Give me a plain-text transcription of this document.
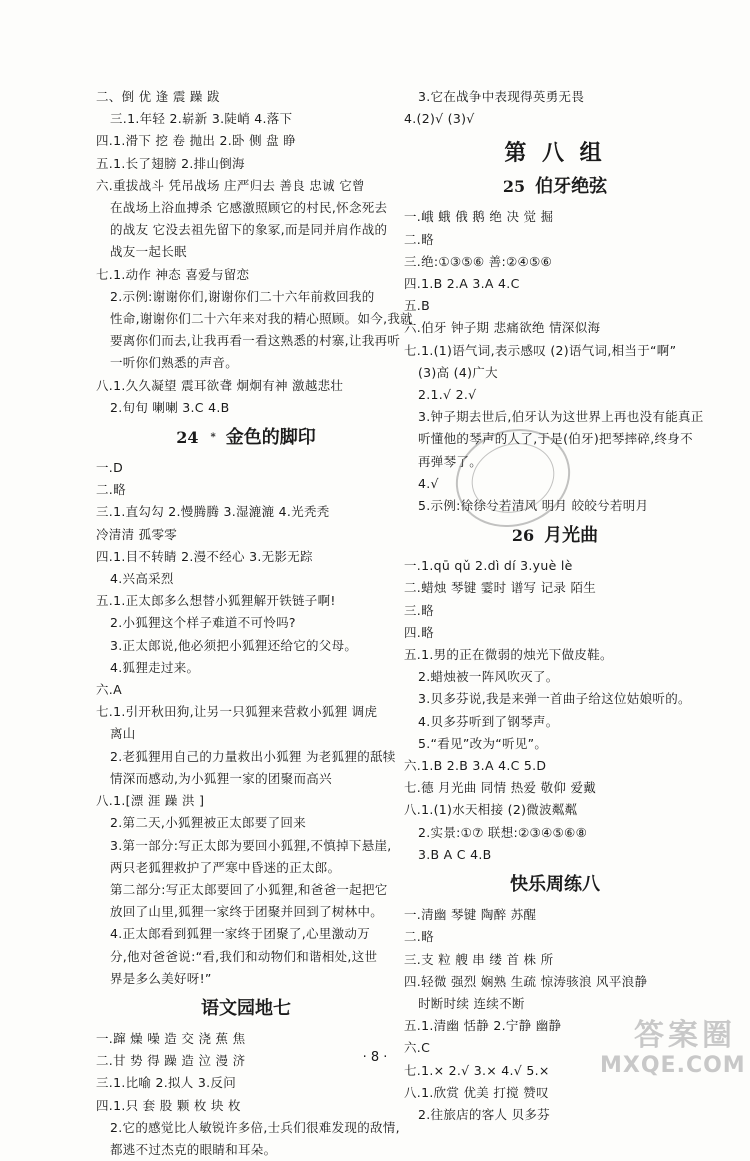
二、倒 优 逢 震 躁 跋
三.1.年轻 2.崭新 3.陡峭 4.落下
四.1.滑下 挖 卷 抛出 2.卧 侧 盘 睁
五.1.长了翅膀 2.排山倒海
六.重拔战斗 凭吊战场 庄严归去 善良 忠诚 它曾
在战场上浴血搏杀 它感激照顾它的村民,怀念死去
的战友 它没去祖先留下的象冢,而是同并肩作战的
战友一起长眠
七.1.动作 神态 喜爱与留恋
2.示例:谢谢你们,谢谢你们二十六年前救回我的
性命,谢谢你们二十六年来对我的精心照顾。如今,我就
要离你们而去,让我再看一看这熟悉的村寨,让我再听
一听你们熟悉的声音。
八.1.久久凝望 震耳欲聋 炯炯有神 激越悲壮
2.旬旬 喇喇 3.C 4.B
24 * 金色的脚印
一.D
二.略
三.1.直勾勾 2.慢腾腾 3.湿漉漉 4.光秃秃
冷清清 孤零零
四.1.目不转睛 2.漫不经心 3.无影无踪
4.兴高采烈
五.1.正太郎多么想替小狐狸解开铁链子啊!
2.小狐狸这个样子难道不可怜吗?
3.正太郎说,他必须把小狐狸还给它的父母。
4.狐狸走过来。
六.A
七.1.引开秋田狗,让另一只狐狸来营救小狐狸 调虎
离山
2.老狐狸用自己的力量救出小狐狸 为老狐狸的舐犊
情深而感动,为小狐狸一家的团聚而高兴
八.1.[漂 涯 躁 洪 ]
2.第二天,小狐狸被正太郎要了回来
3.第一部分:写正太郎为要回小狐狸,不慎掉下悬崖,
两只老狐狸救护了严寒中昏迷的正太郎。
第二部分:写正太郎要回了小狐狸,和爸爸一起把它
放回了山里,狐狸一家终于团聚并回到了树林中。
4.正太郎看到狐狸一家终于团聚了,心里激动万
分,他对爸爸说:“看,我们和动物们和谐相处,这世
界是多么美好呀!”
语文园地七
一.蹿 燥 噪 造 交 浇 蕉 焦
二.甘 势 得 躁 造 泣 漫 济
三.1.比喻 2.拟人 3.反问
四.1.只 套 股 颗 枚 块 枚
2.它的感觉比人敏锐许多倍,士兵们很难发现的敌情,
都逃不过杰克的眼睛和耳朵。
3.它在战争中表现得英勇无畏
4.(2)√ (3)√
第 八 组
25 伯牙绝弦
一.峨 蛾 俄 鹅 绝 决 觉 掘
二.略
三.绝:①③⑤⑥ 善:②④⑤⑥
四.1.B 2.A 3.A 4.C
五.B
六.伯牙 钟子期 悲痛欲绝 情深似海
七.1.(1)语气词,表示感叹 (2)语气词,相当于“啊”
(3)高 (4)广大
2.1.√ 2.√
3.钟子期去世后,伯牙认为这世界上再也没有能真正
听懂他的琴声的人了,于是(伯牙)把琴摔碎,终身不
再弹琴了。
4.√
5.示例:徐徐兮若清风 明月 皎皎兮若明月
26 月光曲
一.1.qū qǔ 2.dì dí 3.yuè lè
二.蜡烛 琴键 霎时 谱写 记录 陌生
三.略
四.略
五.1.男的正在微弱的烛光下做皮鞋。
2.蜡烛被一阵风吹灭了。
3.贝多芬说,我是来弹一首曲子给这位姑娘听的。
4.贝多芬听到了钢琴声。
5.“看见”改为“听见”。
六.1.B 2.B 3.A 4.C 5.D
七.德 月光曲 同情 热爱 敬仰 爱戴
八.1.(1)水天相接 (2)微波粼粼
2.实景:①⑦ 联想:②③④⑤⑥⑧
3.B A C 4.B
快乐周练八
一.清幽 琴键 陶醉 苏醒
二.略
三.支 粒 艘 串 缕 首 株 所
四.轻微 强烈 娴熟 生疏 惊涛骇浪 风平浪静
时断时续 连续不断
五.1.清幽 恬静 2.宁静 幽静
六.C
七.1.× 2.√ 3.× 4.√ 5.×
八.1.欣赏 优美 打搅 赞叹
2.往旅店的客人 贝多芬
· 8 ·
答案圈
MXQE.COM
